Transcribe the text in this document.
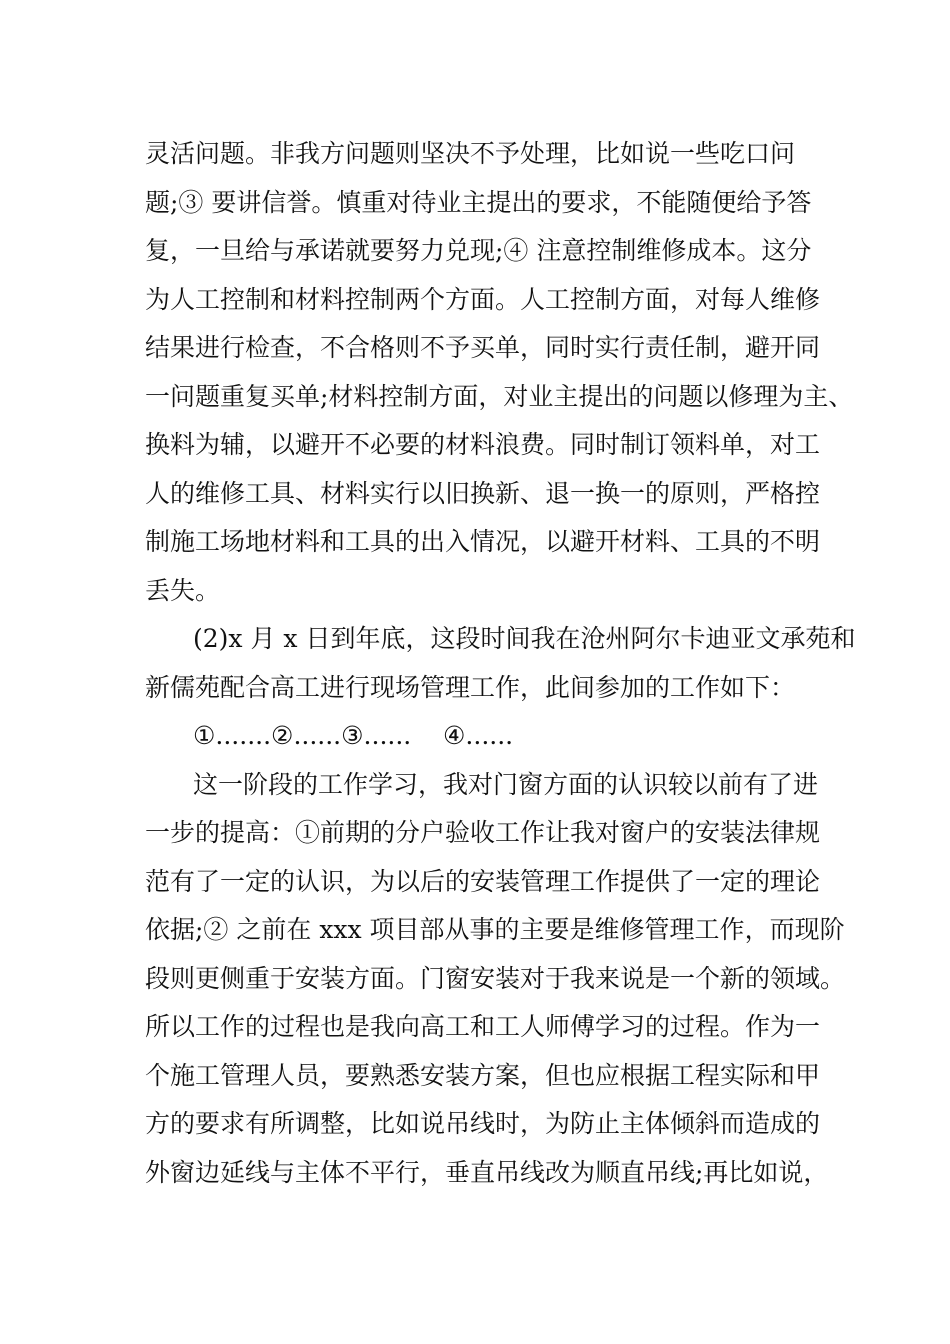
灵活问题。非我方问题则坚决不予处理，比如说一些吃口问
题;③ 要讲信誉。慎重对待业主提出的要求，不能随便给予答
复，一旦给与承诺就要努力兑现;④ 注意控制维修成本。这分
为人工控制和材料控制两个方面。人工控制方面，对每人维修
结果进行检查，不合格则不予买单，同时实行责任制，避开同
一问题重复买单;材料控制方面，对业主提出的问题以修理为主、
换料为辅，以避开不必要的材料浪费。同时制订领料单，对工
人的维修工具、材料实行以旧换新、退一换一的原则，严格控
制施工场地材料和工具的出入情况，以避开材料、工具的不明
丢失。
(2)x 月 x 日到年底，这段时间我在沧州阿尔卡迪亚文承苑和
新儒苑配合高工进行现场管理工作，此间参加的工作如下：
①.......②......③......    ④......
这一阶段的工作学习，我对门窗方面的认识较以前有了进
一步的提高：①前期的分户验收工作让我对窗户的安装法律规
范有了一定的认识，为以后的安装管理工作提供了一定的理论
依据;② 之前在 xxx 项目部从事的主要是维修管理工作，而现阶
段则更侧重于安装方面。门窗安装对于我来说是一个新的领域。
所以工作的过程也是我向高工和工人师傅学习的过程。作为一
个施工管理人员，要熟悉安装方案，但也应根据工程实际和甲
方的要求有所调整，比如说吊线时，为防止主体倾斜而造成的
外窗边延线与主体不平行，垂直吊线改为顺直吊线;再比如说，
